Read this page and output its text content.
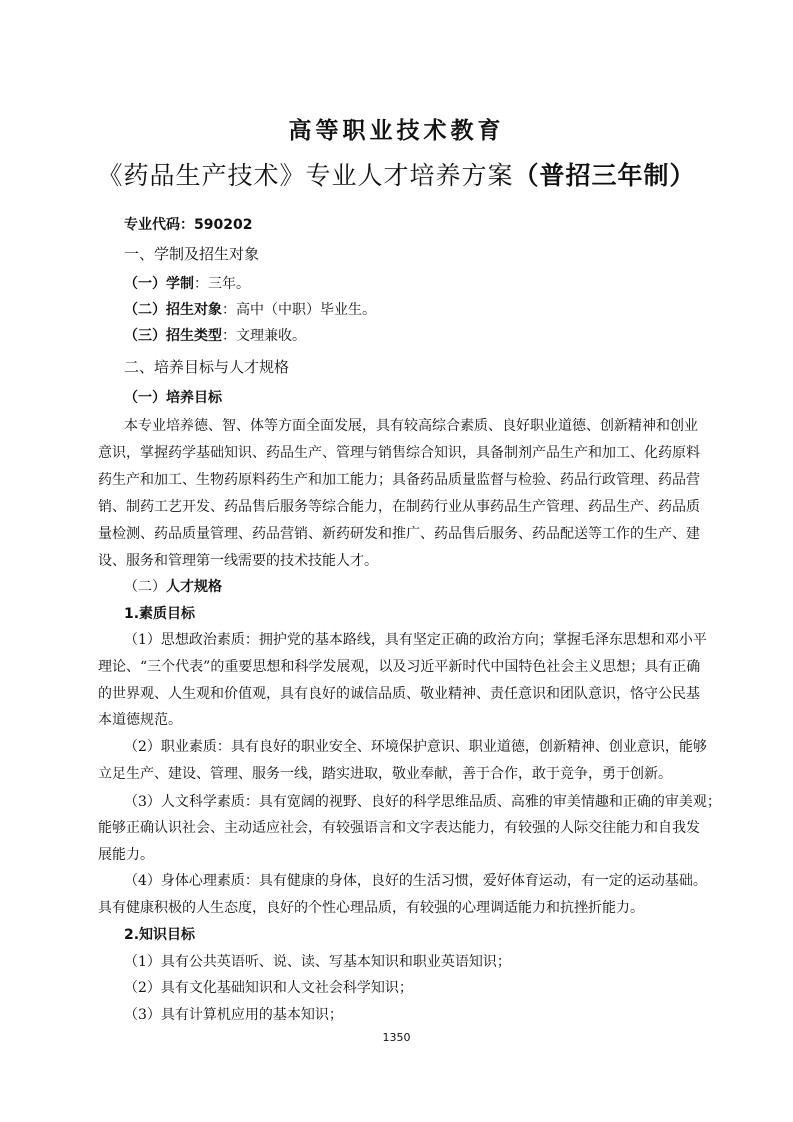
高等职业技术教育
《药品生产技术》专业人才培养方案（普招三年制）
专业代码：590202
一、学制及招生对象
（一）学制：三年。
（二）招生对象：高中（中职）毕业生。
（三）招生类型：文理兼收。
二、培养目标与人才规格
（一）培养目标
本专业培养德、智、体等方面全面发展，具有较高综合素质、良好职业道德、创新精神和创业
意识，掌握药学基础知识、药品生产、管理与销售综合知识，具备制剂产品生产和加工、化药原料
药生产和加工、生物药原料药生产和加工能力；具备药品质量监督与检验、药品行政管理、药品营
销、制药工艺开发、药品售后服务等综合能力，在制药行业从事药品生产管理、药品生产、药品质
量检测、药品质量管理、药品营销、新药研发和推广、药品售后服务、药品配送等工作的生产、建
设、服务和管理第一线需要的技术技能人才。
（二）人才规格
1.素质目标
（1）思想政治素质：拥护党的基本路线，具有坚定正确的政治方向；掌握毛泽东思想和邓小平
理论、“三个代表”的重要思想和科学发展观，以及习近平新时代中国特色社会主义思想；具有正确
的世界观、人生观和价值观，具有良好的诚信品质、敬业精神、责任意识和团队意识，恪守公民基
本道德规范。
（2）职业素质：具有良好的职业安全、环境保护意识、职业道德，创新精神、创业意识，能够
立足生产、建设、管理、服务一线，踏实进取，敬业奉献，善于合作，敢于竞争，勇于创新。
（3）人文科学素质：具有宽阔的视野、良好的科学思维品质、高雅的审美情趣和正确的审美观；
能够正确认识社会、主动适应社会，有较强语言和文字表达能力，有较强的人际交往能力和自我发
展能力。
（4）身体心理素质：具有健康的身体，良好的生活习惯，爱好体育运动，有一定的运动基础。
具有健康积极的人生态度，良好的个性心理品质，有较强的心理调适能力和抗挫折能力。
2.知识目标
（1）具有公共英语听、说、读、写基本知识和职业英语知识；
（2）具有文化基础知识和人文社会科学知识；
（3）具有计算机应用的基本知识；
1350
